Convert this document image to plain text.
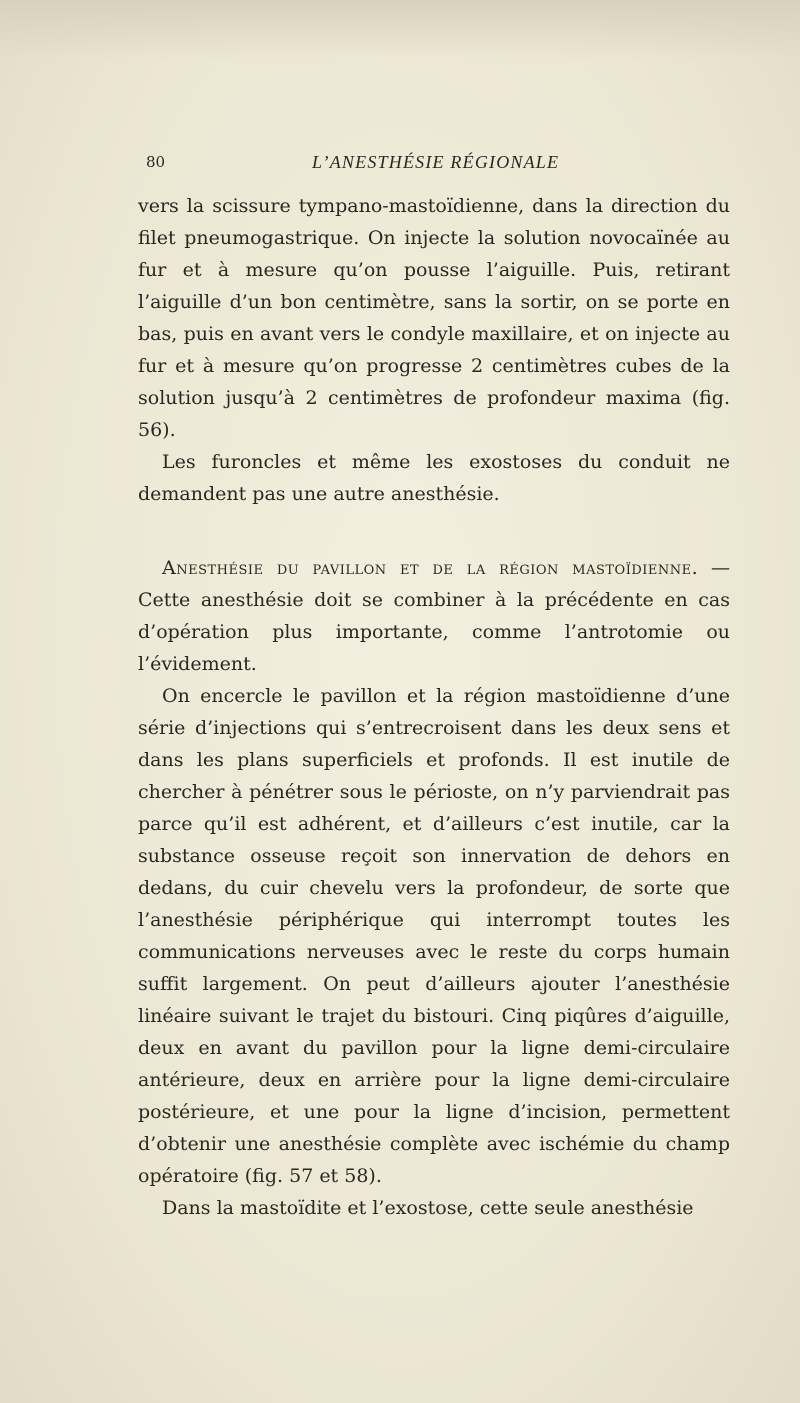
80	L’ANESTHÉSIE RÉGIONALE

vers la scissure tympano-mastoïdienne, dans la direction du filet pneumogastrique. On injecte la solution novocaïnée au fur et à mesure qu’on pousse l’aiguille. Puis, retirant l’aiguille d’un bon centimètre, sans la sortir, on se porte en bas, puis en avant vers le condyle maxillaire, et on injecte au fur et à mesure qu’on progresse 2 centimètres cubes de la solution jusqu’à 2 centimètres de profondeur maxima (fig. 56).

Les furoncles et même les exostoses du conduit ne demandent pas une autre anesthésie.

Anesthésie du pavillon et de la région mastoïdienne. — Cette anesthésie doit se combiner à la précédente en cas d’opération plus importante, comme l’antrotomie ou l’évidement.

On encercle le pavillon et la région mastoïdienne d’une série d’injections qui s’entrecroisent dans les deux sens et dans les plans superficiels et profonds. Il est inutile de chercher à pénétrer sous le périoste, on n’y parviendrait pas parce qu’il est adhérent, et d’ailleurs c’est inutile, car la substance osseuse reçoit son innervation de dehors en dedans, du cuir chevelu vers la profondeur, de sorte que l’anesthésie périphérique qui interrompt toutes les communications nerveuses avec le reste du corps humain suffit largement. On peut d’ailleurs ajouter l’anesthésie linéaire suivant le trajet du bistouri. Cinq piqûres d’aiguille, deux en avant du pavillon pour la ligne demi-circulaire antérieure, deux en arrière pour la ligne demi-circulaire postérieure, et une pour la ligne d’incision, permettent d’obtenir une anesthésie complète avec ischémie du champ opératoire (fig. 57 et 58).

Dans la mastoïdite et l’exostose, cette seule anesthésie
